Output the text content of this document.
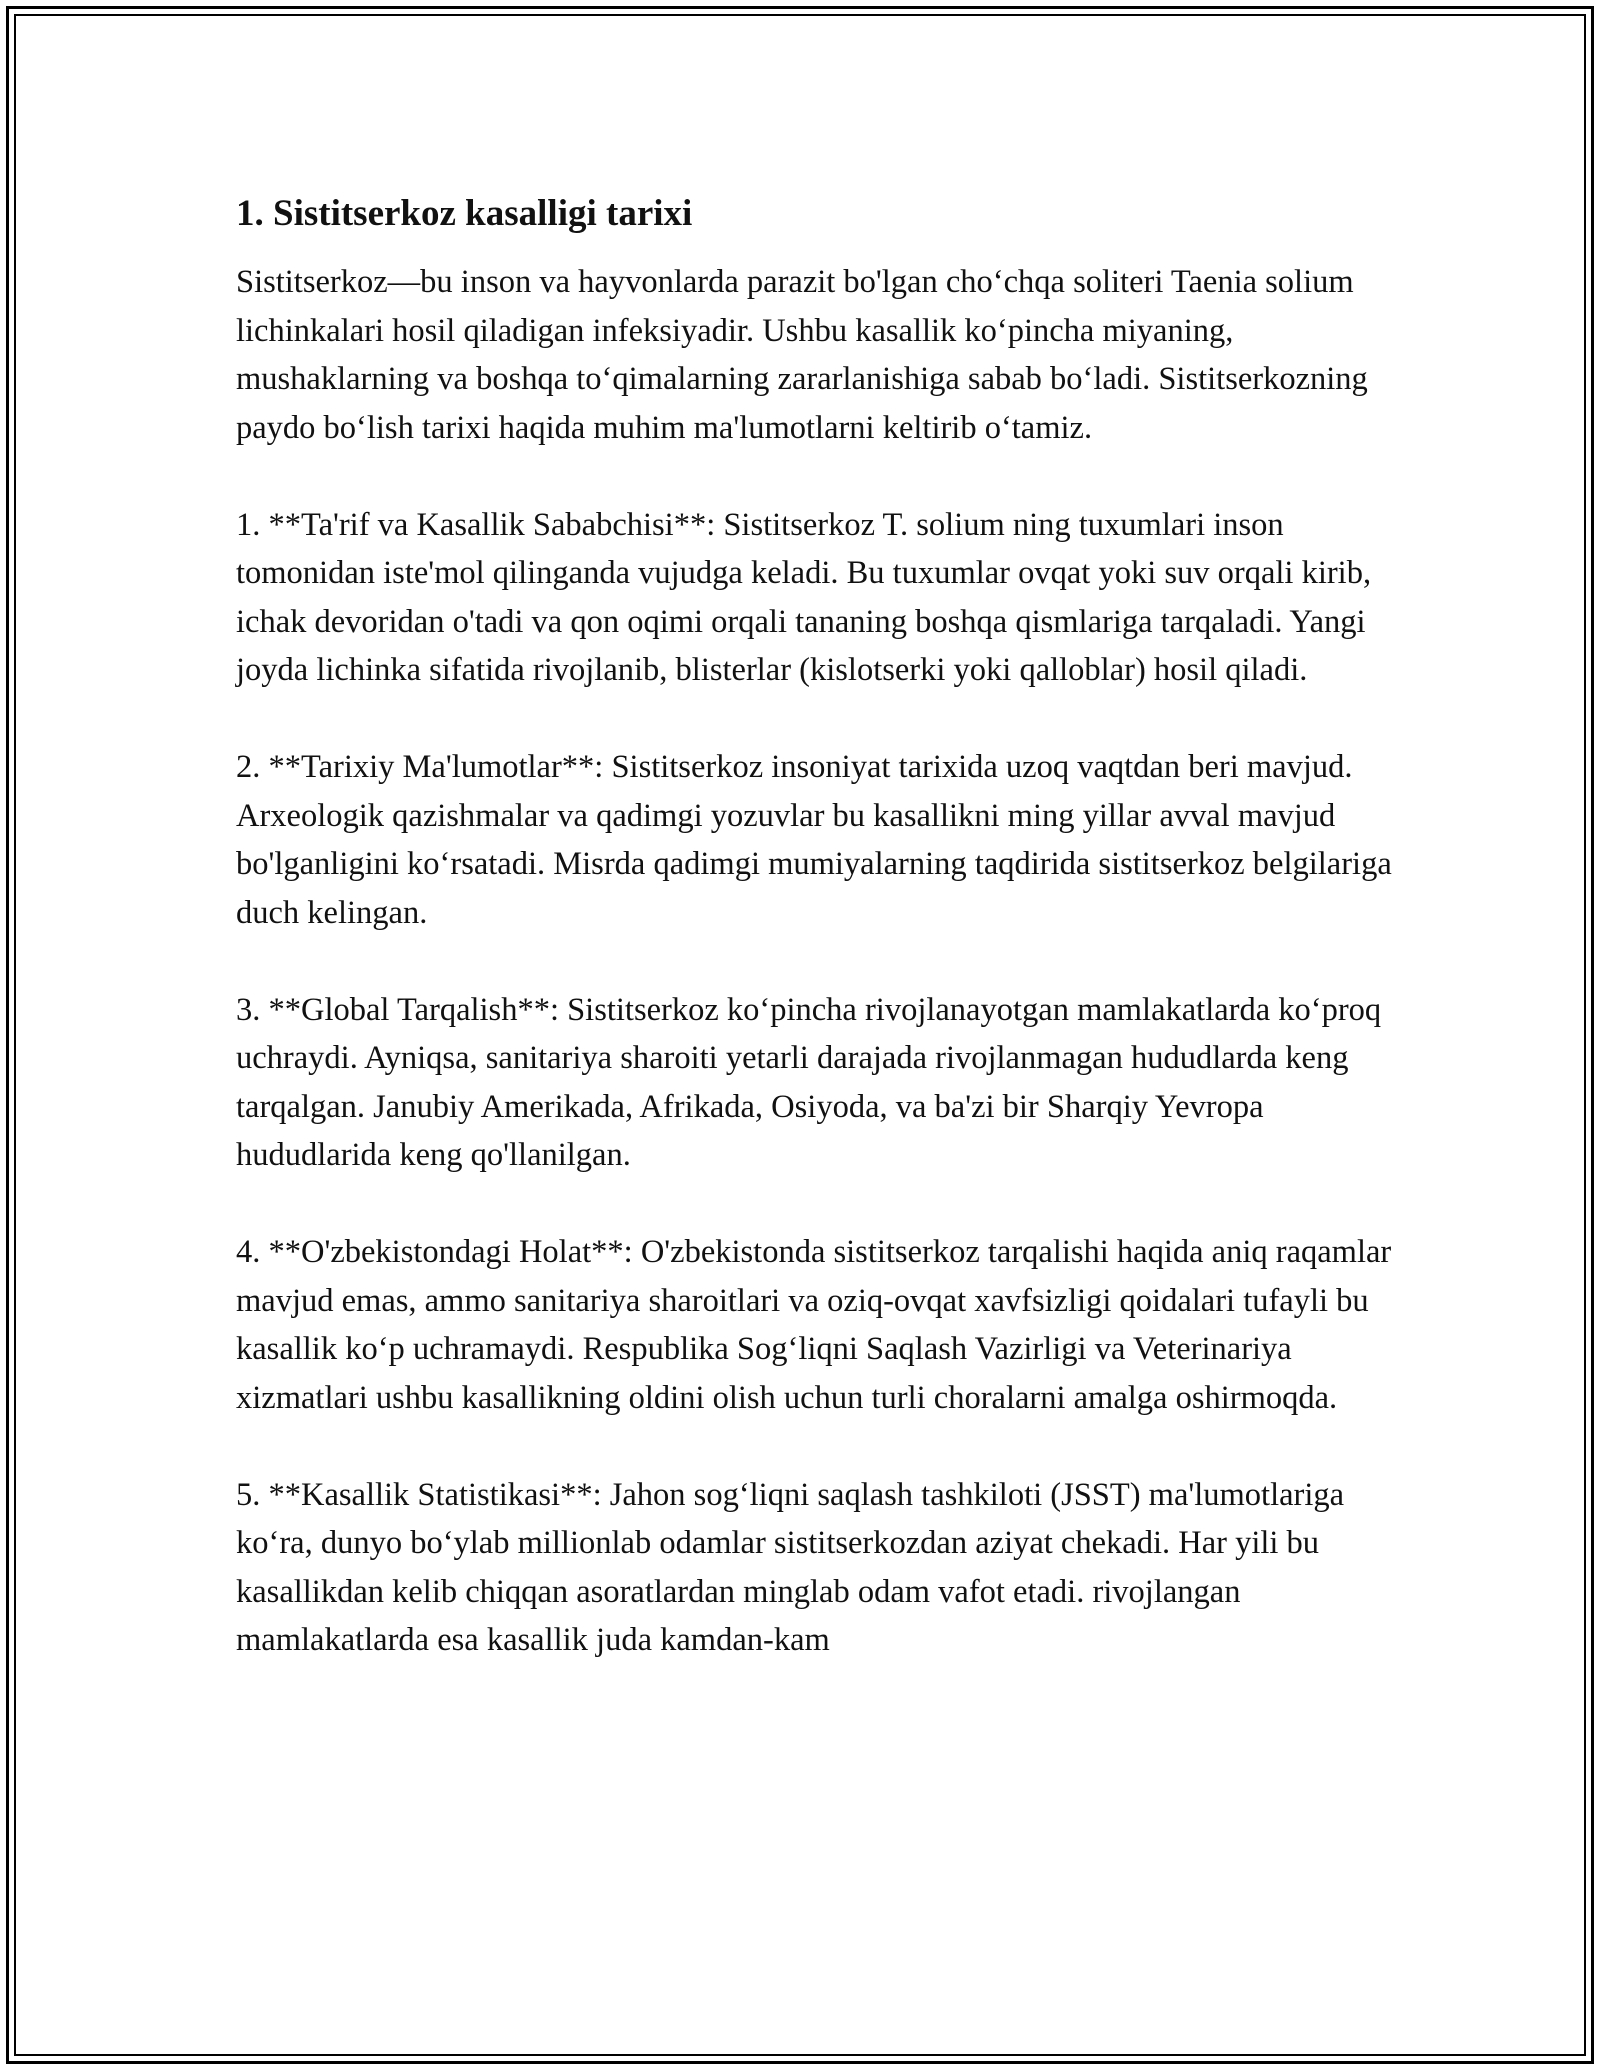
1. Sistitserkoz kasalligi tarixi

Sistitserkoz—bu inson va hayvonlarda parazit bo'lgan cho‘chqa soliteri Taenia solium lichinkalari hosil qiladigan infeksiyadir. Ushbu kasallik ko‘pincha miyaning, mushaklarning va boshqa to‘qimalarning zararlanishiga sabab bo‘ladi. Sistitserkozning paydo bo‘lish tarixi haqida muhim ma'lumotlarni keltirib o‘tamiz.

1. **Ta'rif va Kasallik Sababchisi**: Sistitserkoz T. solium ning tuxumlari inson tomonidan iste'mol qilinganda vujudga keladi. Bu tuxumlar ovqat yoki suv orqali kirib, ichak devoridan o'tadi va qon oqimi orqali tananing boshqa qismlariga tarqaladi. Yangi joyda lichinka sifatida rivojlanib, blisterlar (kislotserki yoki qalloblar) hosil qiladi.

2. **Tarixiy Ma'lumotlar**: Sistitserkoz insoniyat tarixida uzoq vaqtdan beri mavjud. Arxeologik qazishmalar va qadimgi yozuvlar bu kasallikni ming yillar avval mavjud bo'lganligini ko‘rsatadi. Misrda qadimgi mumiyalarning taqdirida sistitserkoz belgilariga duch kelingan.

3. **Global Tarqalish**: Sistitserkoz ko‘pincha rivojlanayotgan mamlakatlarda ko‘proq uchraydi. Ayniqsa, sanitariya sharoiti yetarli darajada rivojlanmagan hududlarda keng tarqalgan. Janubiy Amerikada, Afrikada, Osiyoda, va ba'zi bir Sharqiy Yevropa hududlarida keng qo'llanilgan.

4. **O'zbekistondagi Holat**: O'zbekistonda sistitserkoz tarqalishi haqida aniq raqamlar mavjud emas, ammo sanitariya sharoitlari va oziq-ovqat xavfsizligi qoidalari tufayli bu kasallik ko‘p uchramaydi. Respublika Sog‘liqni Saqlash Vazirligi va Veterinariya xizmatlari ushbu kasallikning oldini olish uchun turli choralarni amalga oshirmoqda.

5. **Kasallik Statistikasi**: Jahon sog‘liqni saqlash tashkiloti (JSST) ma'lumotlariga ko‘ra, dunyo bo‘ylab millionlab odamlar sistitserkozdan aziyat chekadi. Har yili bu kasallikdan kelib chiqqan asoratlardan minglab odam vafot etadi. rivojlangan mamlakatlarda esa kasallik juda kamdan-kam
